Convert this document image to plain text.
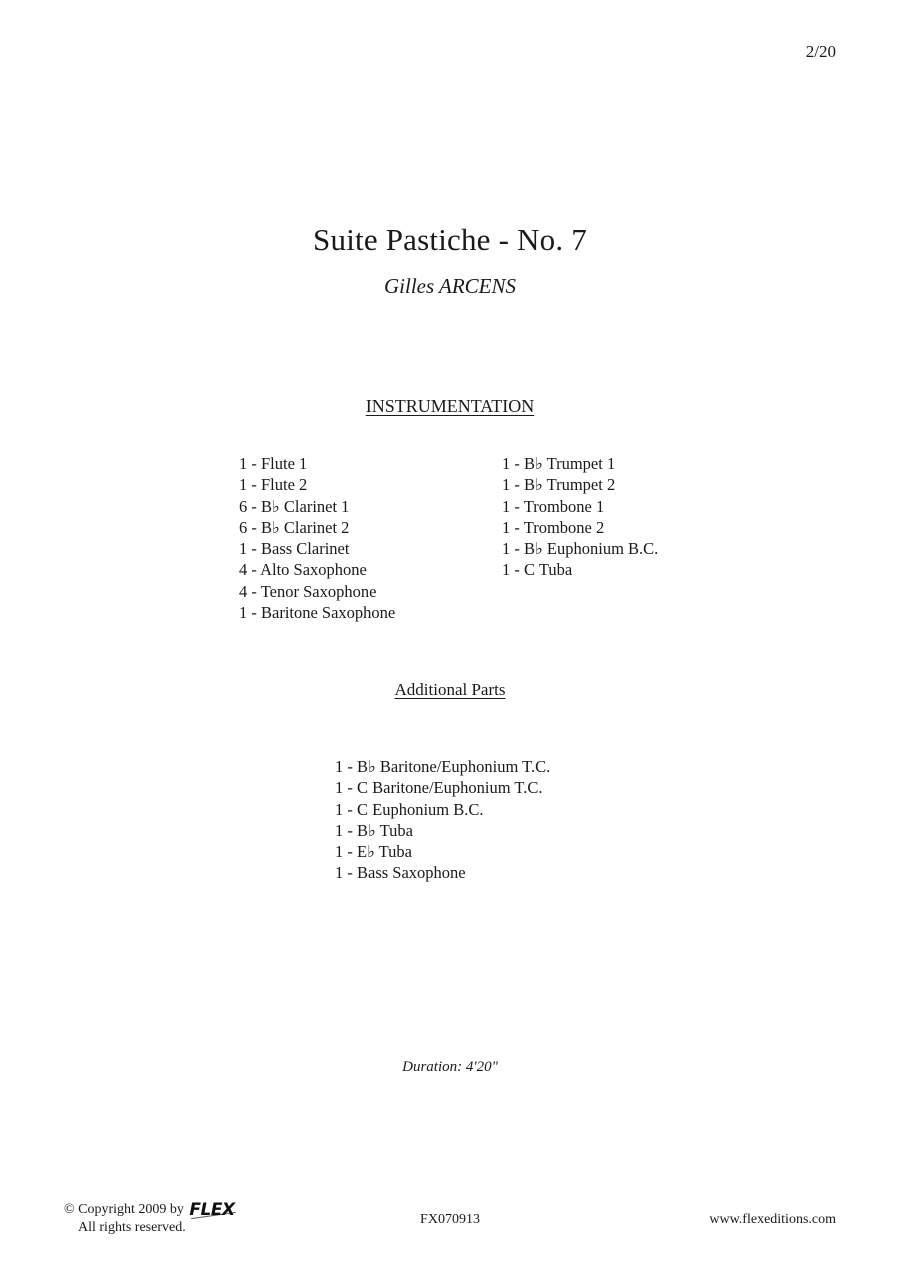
2/20
Suite Pastiche - No. 7
Gilles ARCENS
INSTRUMENTATION
1 - Flute 1
1 - Flute 2
6 - B♭ Clarinet 1
6 - B♭ Clarinet 2
1 - Bass Clarinet
4 - Alto Saxophone
4 - Tenor Saxophone
1 - Baritone Saxophone
1 - B♭ Trumpet 1
1 - B♭ Trumpet 2
1 - Trombone 1
1 - Trombone 2
1 - B♭ Euphonium B.C.
1 - C Tuba
Additional Parts
1 - B♭ Baritone/Euphonium T.C.
1 - C Baritone/Euphonium T.C.
1 - C Euphonium B.C.
1 - B♭ Tuba
1 - E♭ Tuba
1 - Bass Saxophone
Duration: 4'20"
© Copyright 2009 by FLEX
All rights reserved.
FX070913	www.flexeditions.com
